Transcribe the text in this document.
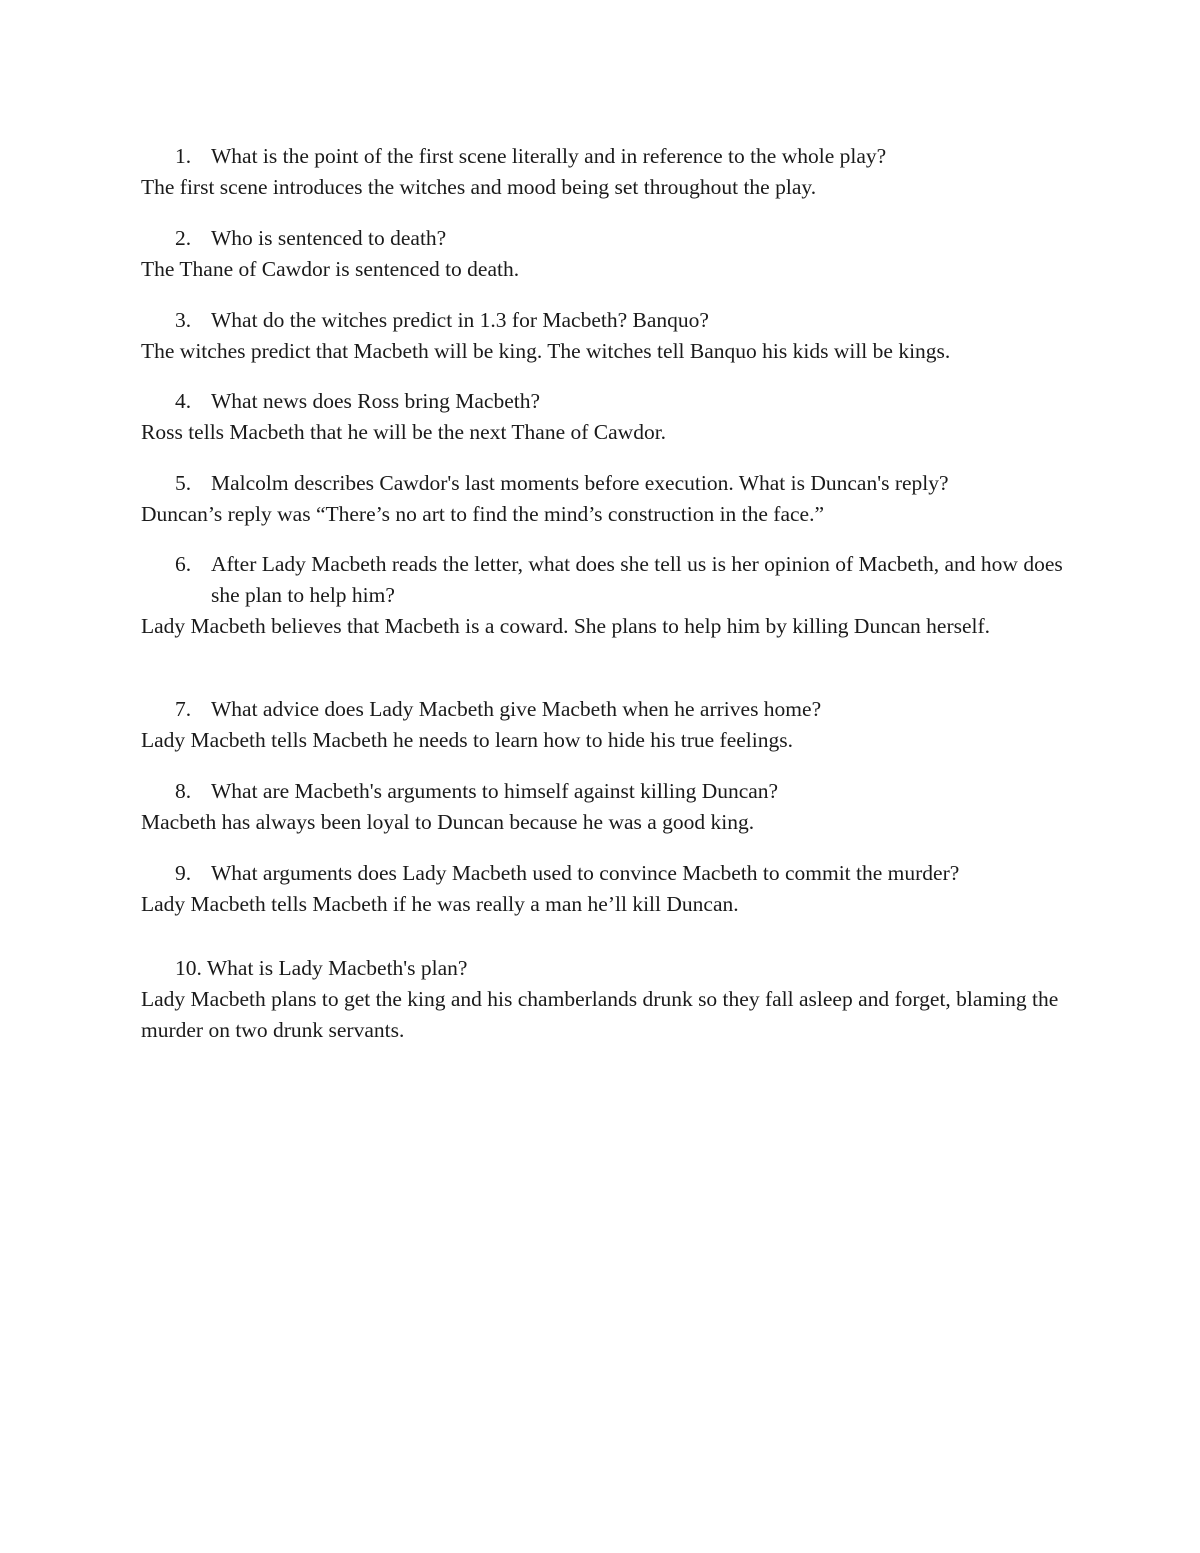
1. What is the point of the first scene literally and in reference to the whole play?

The first scene introduces the witches and mood being set throughout the play.

2. Who is sentenced to death?

The Thane of Cawdor is sentenced to death.

3. What do the witches predict in 1.3 for Macbeth? Banquo?

The witches predict that Macbeth will be king. The witches tell Banquo his kids will be kings.

4. What news does Ross bring Macbeth?

Ross tells Macbeth that he will be the next Thane of Cawdor.

5. Malcolm describes Cawdor's last moments before execution. What is Duncan's reply?

Duncan’s reply was “There’s no art to find the mind’s construction in the face.”

6. After Lady Macbeth reads the letter, what does she tell us is her opinion of Macbeth, and how does she plan to help him?

Lady Macbeth believes that Macbeth is a coward. She plans to help him by killing Duncan herself.

7. What advice does Lady Macbeth give Macbeth when he arrives home?

Lady Macbeth tells Macbeth he needs to learn how to hide his true feelings.

8. What are Macbeth's arguments to himself against killing Duncan?

Macbeth has always been loyal to Duncan because he was a good king.

9. What arguments does Lady Macbeth used to convince Macbeth to commit the murder?

Lady Macbeth tells Macbeth if he was really a man he’ll kill Duncan.

10. What is Lady Macbeth's plan?

Lady Macbeth plans to get the king and his chamberlands drunk so they fall asleep and forget, blaming the murder on two drunk servants.
